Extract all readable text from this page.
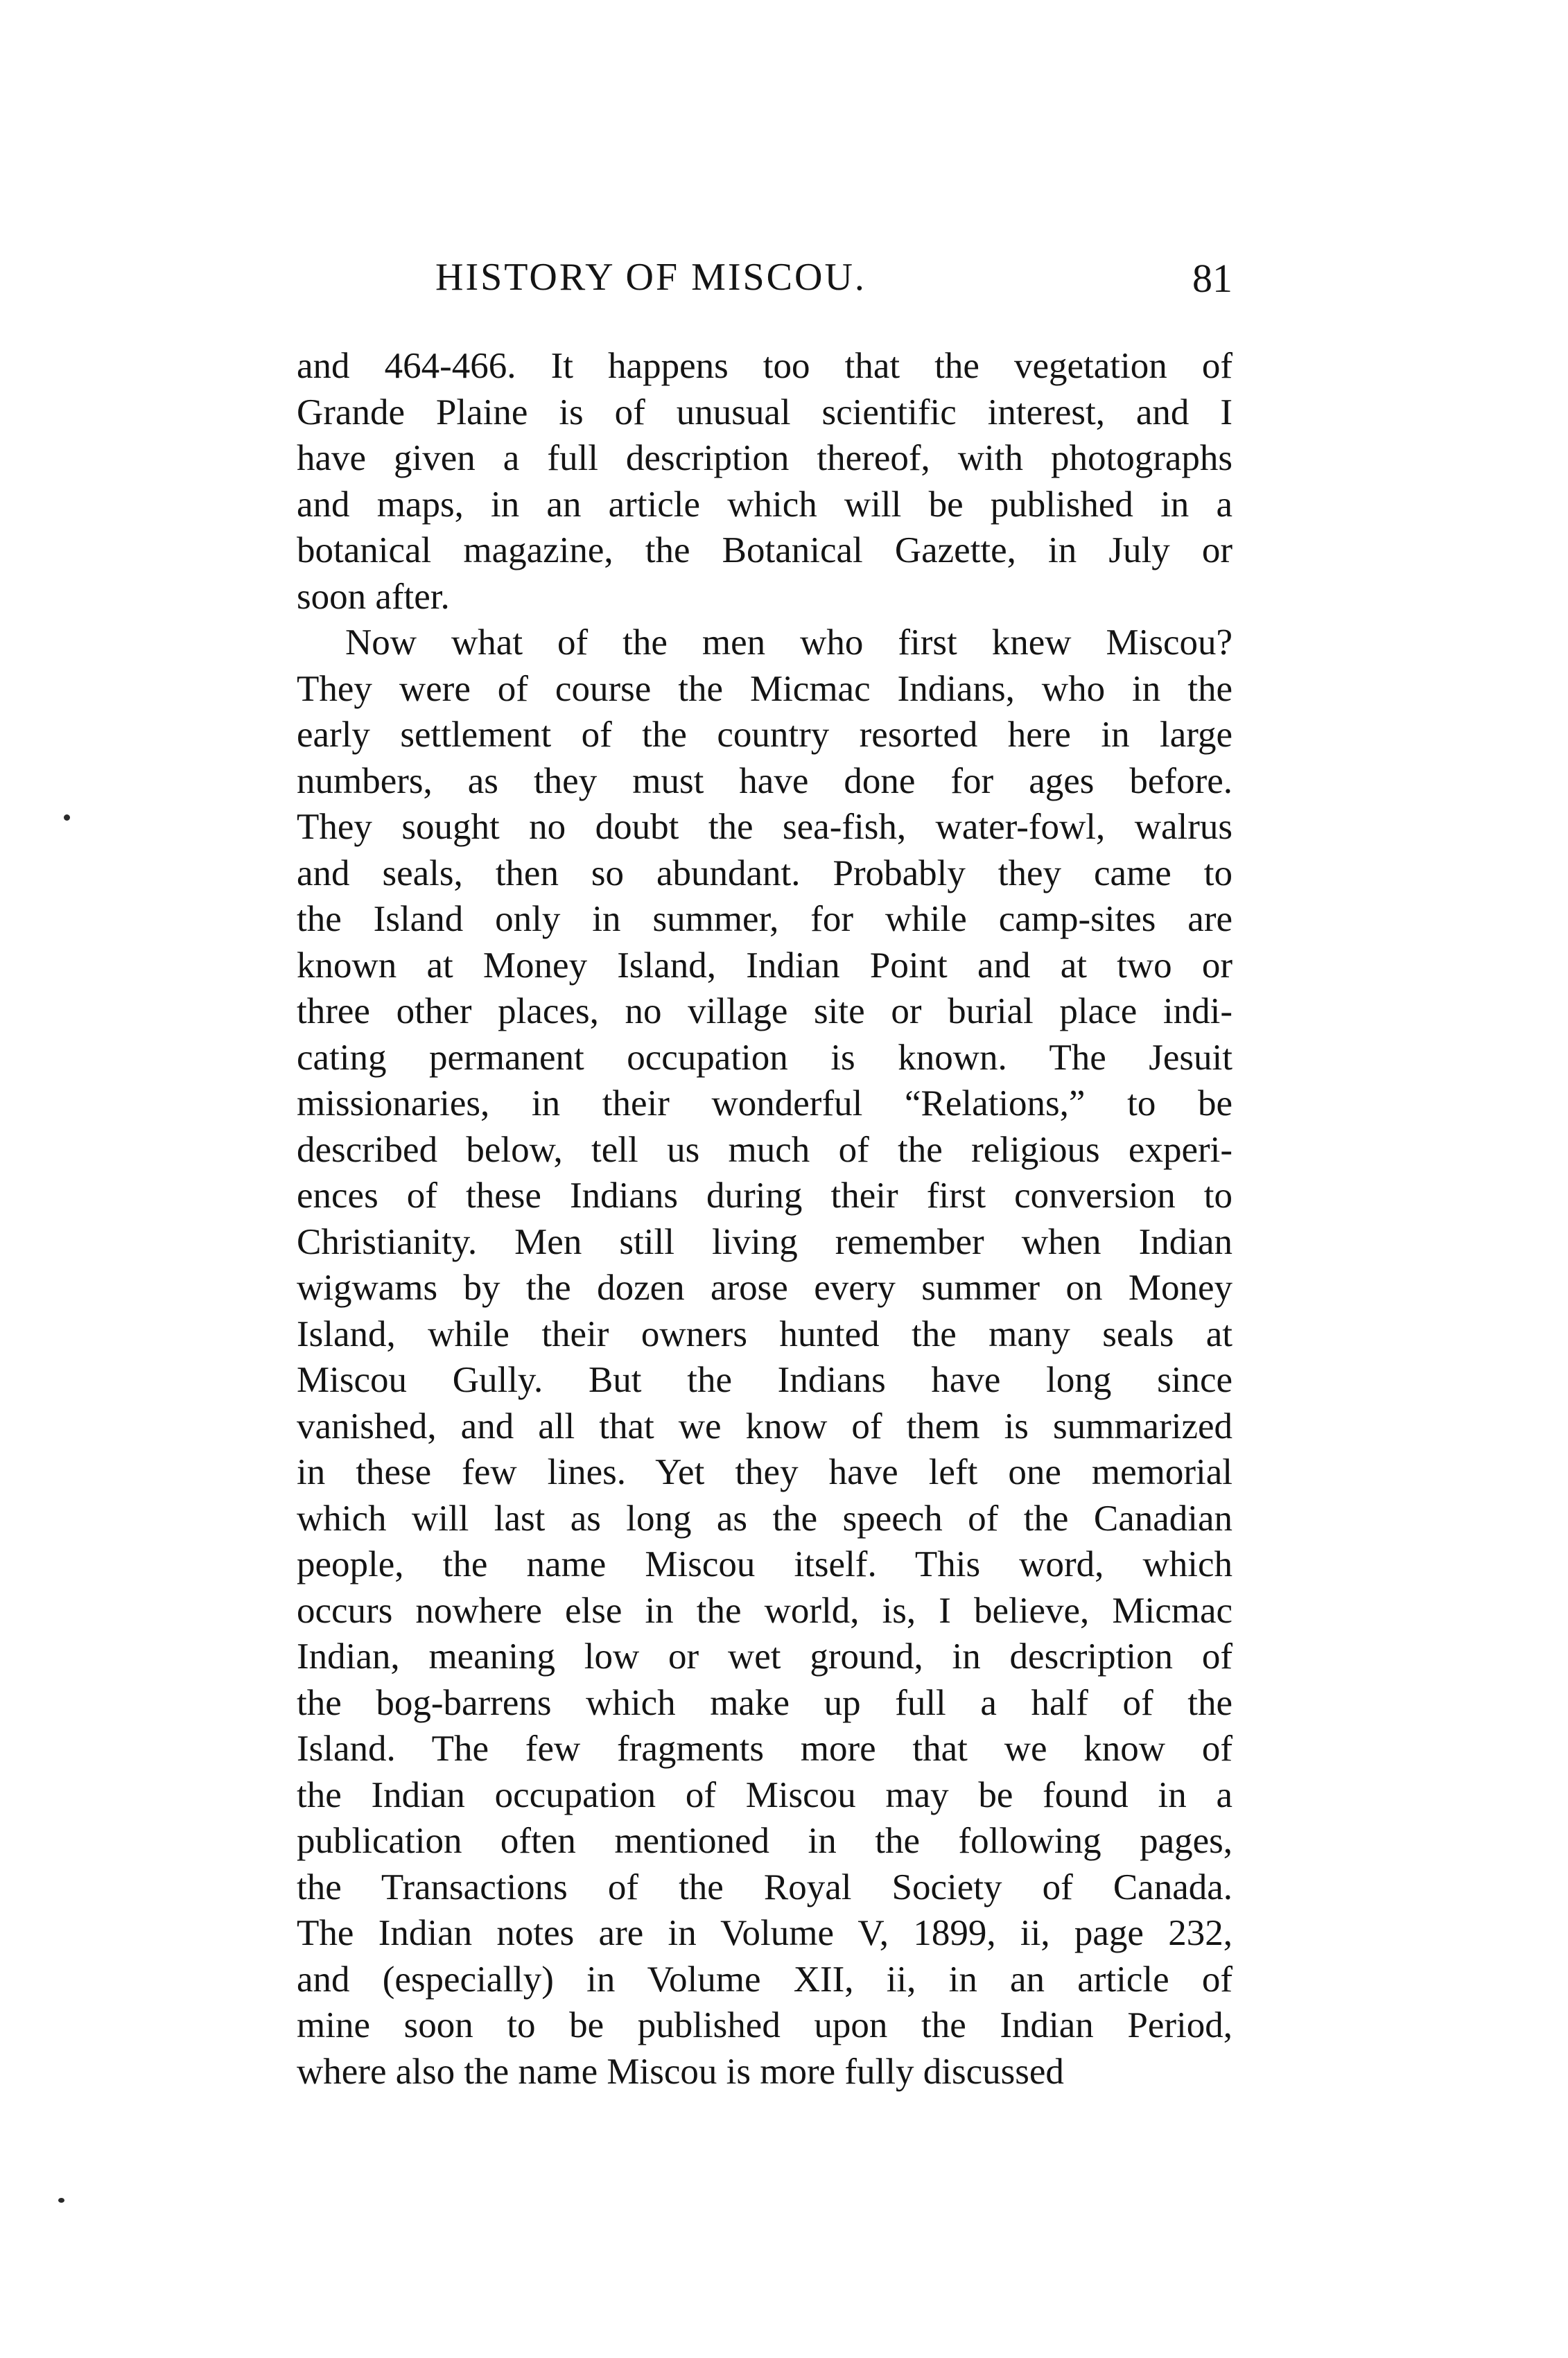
HISTORY OF MISCOU.	81
and 464-466. It happens too that the vegetation of
Grande Plaine is of unusual scientific interest, and I
have given a full description thereof, with photographs
and maps, in an article which will be published in a
botanical magazine, the Botanical Gazette, in July or
soon after.
Now what of the men who first knew Miscou?
They were of course the Micmac Indians, who in the
early settlement of the country resorted here in large
numbers, as they must have done for ages before.
They sought no doubt the sea-fish, water-fowl, walrus
and seals, then so abundant. Probably they came to
the Island only in summer, for while camp-sites are
known at Money Island, Indian Point and at two or
three other places, no village site or burial place indi-
cating permanent occupation is known. The Jesuit
missionaries, in their wonderful “Relations,” to be
described below, tell us much of the religious experi-
ences of these Indians during their first conversion to
Christianity. Men still living remember when Indian
wigwams by the dozen arose every summer on Money
Island, while their owners hunted the many seals at
Miscou Gully. But the Indians have long since
vanished, and all that we know of them is summarized
in these few lines. Yet they have left one memorial
which will last as long as the speech of the Canadian
people, the name Miscou itself. This word, which
occurs nowhere else in the world, is, I believe, Micmac
Indian, meaning low or wet ground, in description of
the bog-barrens which make up full a half of the
Island. The few fragments more that we know of
the Indian occupation of Miscou may be found in a
publication often mentioned in the following pages,
the Transactions of the Royal Society of Canada.
The Indian notes are in Volume V, 1899, ii, page 232,
and (especially) in Volume XII, ii, in an article of
mine soon to be published upon the Indian Period,
where also the name Miscou is more fully discussed
